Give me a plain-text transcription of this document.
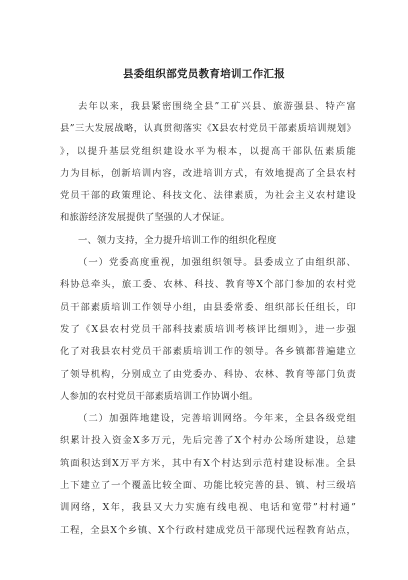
县委组织部党员教育培训工作汇报
去年以来，我县紧密围绕全县”工矿兴县、旅游强县、特产富
县”三大发展战略，认真贯彻落实《X县农村党员干部素质培训规划》
》，以提升基层党组织建设水平为根本，以提高干部队伍素质能
力为目标，创新培训内容，改进培训方式，有效地提高了全县农村
党员干部的政策理论、科技文化、法律素质，为社会主义农村建设
和旅游经济发展提供了坚强的人才保证。
一、领力支持，全力提升培训工作的组织化程度
（一）党委高度重视，加强组织领导。县委成立了由组织部、
科协总牵头，旅工委、农林、科技、教育等X个部门参加的农村党
员干部素质培训工作领导小组，由县委常委、组织部长任组长，印
发了《X县农村党员干部科技素质培训考核评比细则》，进一步强
化了对我县农村党员干部素质培训工作的领导。各乡镇都普遍建立
了领导机构，分别成立了由党委办、科协、农林、教育等部门负责
人参加的农村党员干部素质培训工作协调小组。
（二）加强阵地建设，完善培训网络。今年来，全县各级党组
织累计投入资金X多万元，先后完善了X个村办公场所建设，总建
筑面积达到X万平方米，其中有X个村达到示范村建设标准。全县
上下建立了一个覆盖比较全面、功能比较完善的县、镇、村三级培
训网络，X年，我县又大力实施有线电视、电话和宽带”村村通”
工程，全县X个乡镇、X个行政村建成党员干部现代远程教育站点，
